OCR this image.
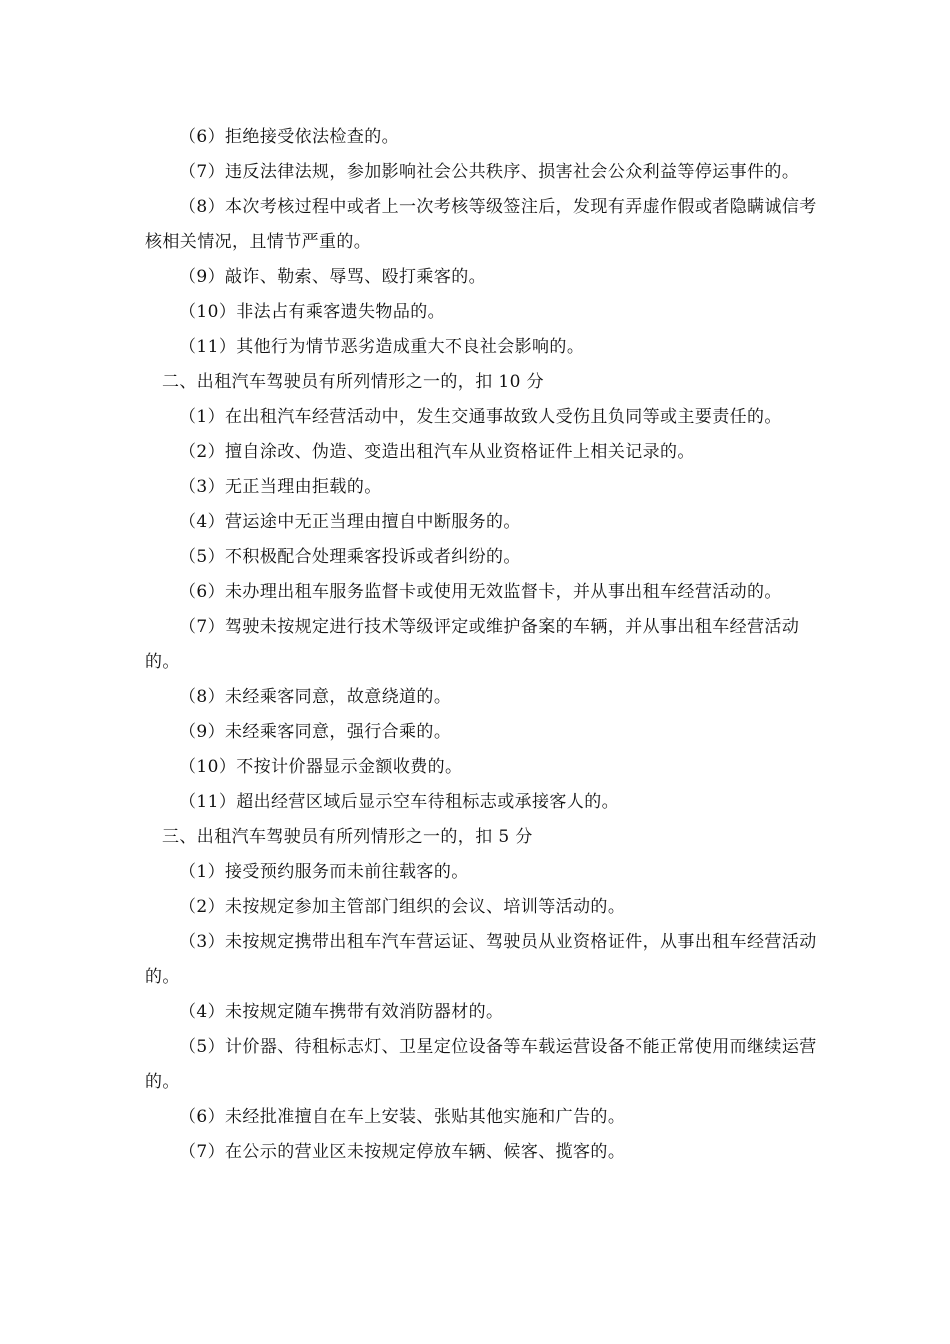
（6）拒绝接受依法检查的。

（7）违反法律法规，参加影响社会公共秩序、损害社会公众利益等停运事件的。

（8）本次考核过程中或者上一次考核等级签注后，发现有弄虚作假或者隐瞒诚信考核相关情况，且情节严重的。

（9）敲诈、勒索、辱骂、殴打乘客的。

（10）非法占有乘客遗失物品的。

（11）其他行为情节恶劣造成重大不良社会影响的。

二、出租汽车驾驶员有所列情形之一的，扣 10 分

（1）在出租汽车经营活动中，发生交通事故致人受伤且负同等或主要责任的。

（2）擅自涂改、伪造、变造出租汽车从业资格证件上相关记录的。

（3）无正当理由拒载的。

（4）营运途中无正当理由擅自中断服务的。

（5）不积极配合处理乘客投诉或者纠纷的。

（6）未办理出租车服务监督卡或使用无效监督卡，并从事出租车经营活动的。

（7）驾驶未按规定进行技术等级评定或维护备案的车辆，并从事出租车经营活动的。

（8）未经乘客同意，故意绕道的。

（9）未经乘客同意，强行合乘的。

（10）不按计价器显示金额收费的。

（11）超出经营区域后显示空车待租标志或承接客人的。

三、出租汽车驾驶员有所列情形之一的，扣 5 分

（1）接受预约服务而未前往载客的。

（2）未按规定参加主管部门组织的会议、培训等活动的。

（3）未按规定携带出租车汽车营运证、驾驶员从业资格证件，从事出租车经营活动的。

（4）未按规定随车携带有效消防器材的。

（5）计价器、待租标志灯、卫星定位设备等车载运营设备不能正常使用而继续运营的。

（6）未经批准擅自在车上安装、张贴其他实施和广告的。

（7）在公示的营业区未按规定停放车辆、候客、揽客的。
